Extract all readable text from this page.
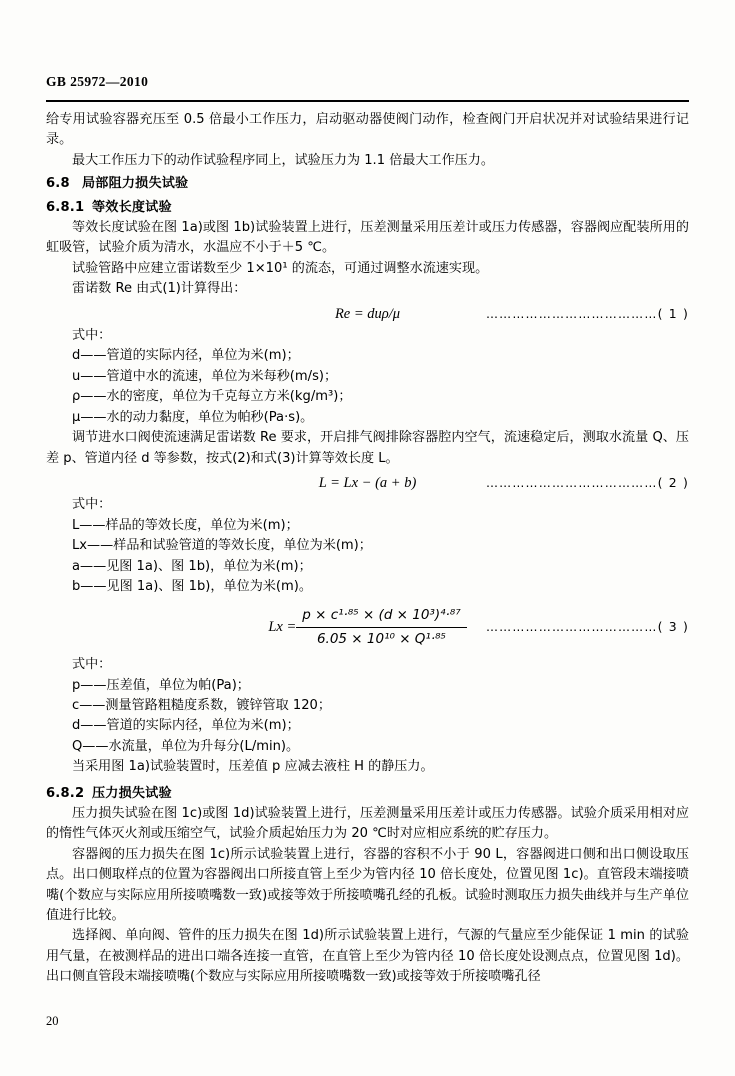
GB 25972—2010

给专用试验容器充压至 0.5 倍最小工作压力，启动驱动器使阀门动作，检查阀门开启状况并对试验结果进行记录。

最大工作压力下的动作试验程序同上，试验压力为 1.1 倍最大工作压力。

6.8 局部阻力损失试验

6.8.1 等效长度试验

等效长度试验在图 1a)或图 1b)试验装置上进行，压差测量采用压差计或压力传感器，容器阀应配装所用的虹吸管，试验介质为清水，水温应不小于＋5 ℃。

试验管路中应建立雷诺数至少 1×10¹ 的流态，可通过调整水流速实现。

雷诺数 Re 由式(1)计算得出：

Re = duρ/μ	…………………………………( 1 )

式中：

d——管道的实际内径，单位为米(m)；

u——管道中水的流速，单位为米每秒(m/s)；

ρ——水的密度，单位为千克每立方米(kg/m³)；

μ——水的动力黏度，单位为帕秒(Pa·s)。

调节进水口阀使流速满足雷诺数 Re 要求，开启排气阀排除容器腔内空气，流速稳定后，测取水流量 Q、压差 p、管道内径 d 等参数，按式(2)和式(3)计算等效长度 L。

L = Lx − (a + b)	…………………………………( 2 )

式中：

L——样品的等效长度，单位为米(m)；

Lx——样品和试验管道的等效长度，单位为米(m)；

a——见图 1a)、图 1b)，单位为米(m)；

b——见图 1a)、图 1b)，单位为米(m)。

$Lx = \frac{\text{p × c¹·⁸⁵ × (d × 10³)⁴·⁸⁷}}{\text{6.05 × 10¹⁰ × Q¹·⁸⁵}}$ …………………………………( 3 )

式中：

p——压差值，单位为帕(Pa)；

c——测量管路粗糙度系数，镀锌管取 120；

d——管道的实际内径，单位为米(m)；

Q——水流量，单位为升每分(L/min)。

当采用图 1a)试验装置时，压差值 p 应减去液柱 H 的静压力。

6.8.2 压力损失试验

压力损失试验在图 1c)或图 1d)试验装置上进行，压差测量采用压差计或压力传感器。试验介质采用相对应的惰性气体灭火剂或压缩空气，试验介质起始压力为 20 ℃时对应相应系统的贮存压力。

容器阀的压力损失在图 1c)所示试验装置上进行，容器的容积不小于 90 L，容器阀进口侧和出口侧设取压点。出口侧取样点的位置为容器阀出口所接直管上至少为管内径 10 倍长度处，位置见图 1c)。直管段末端接喷嘴(个数应与实际应用所接喷嘴数一致)或接等效于所接喷嘴孔经的孔板。试验时测取压力损失曲线并与生产单位值进行比较。

选择阀、单向阀、管件的压力损失在图 1d)所示试验装置上进行，气源的气量应至少能保证 1 min 的试验用气量，在被测样品的进出口端各连接一直管，在直管上至少为管内径 10 倍长度处设测点点，位置见图 1d)。出口侧直管段末端接喷嘴(个数应与实际应用所接喷嘴数一致)或接等效于所接喷嘴孔径

20
